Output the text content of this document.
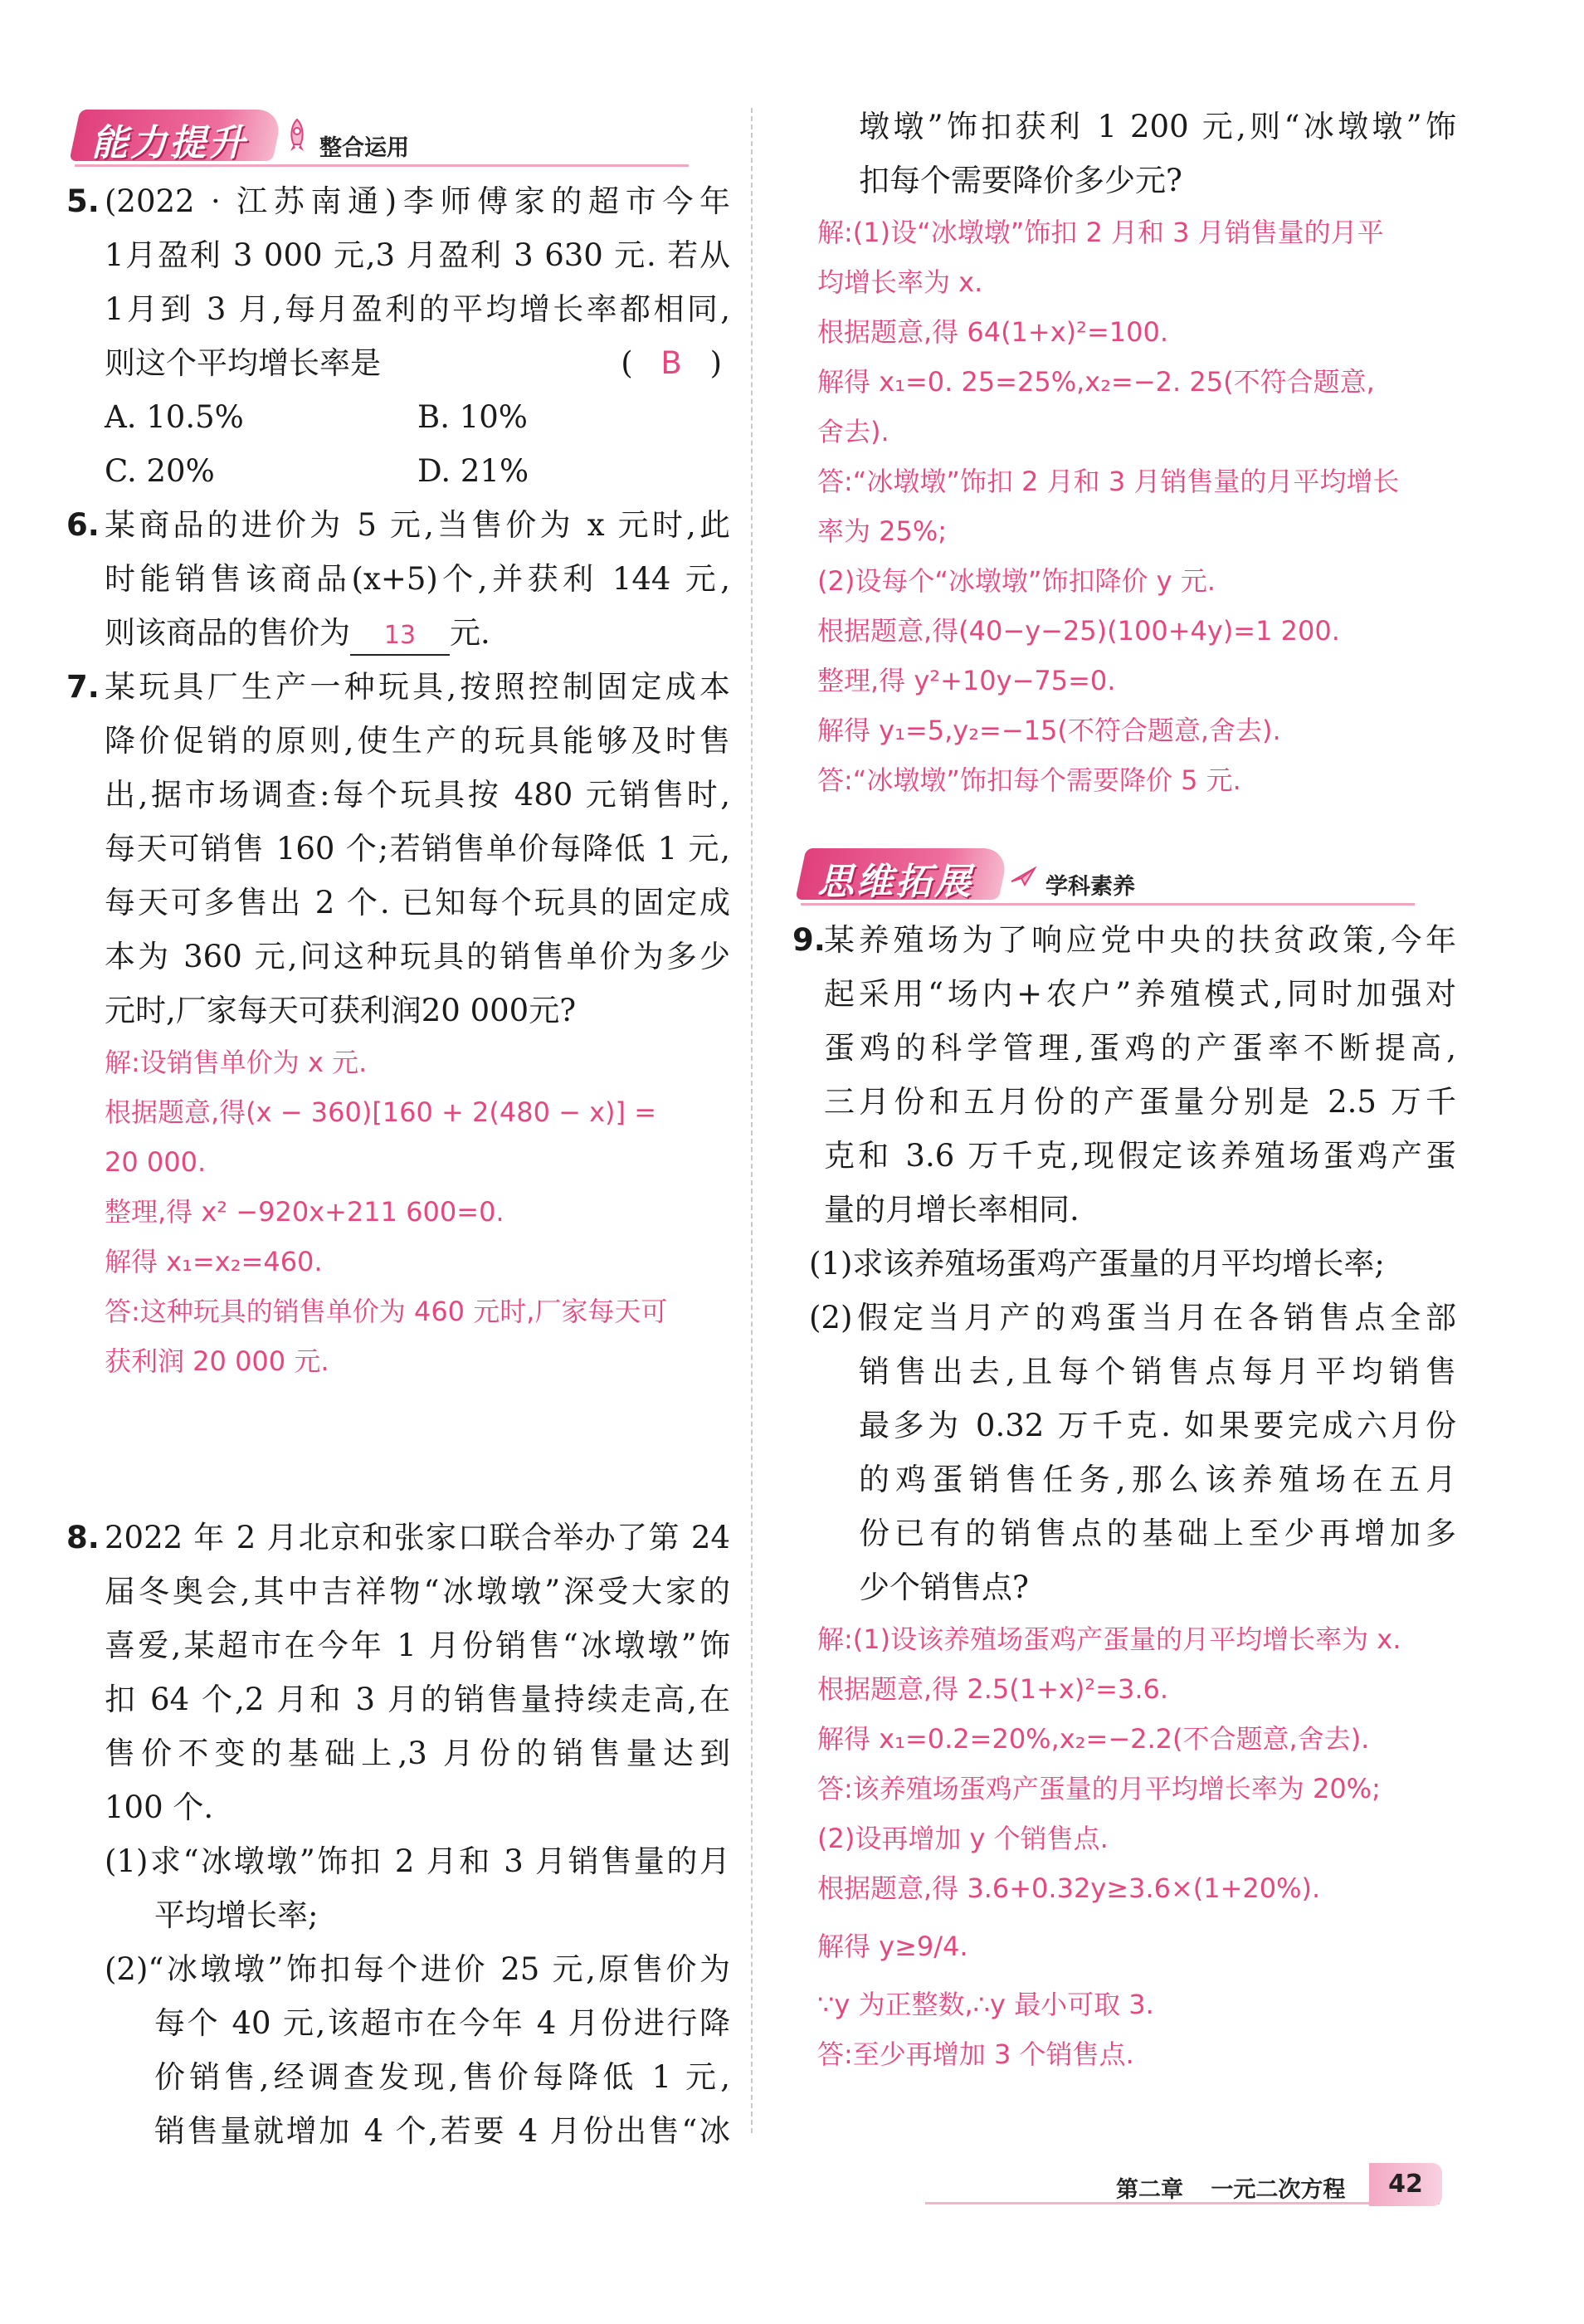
能力提升	整合运用
5. (2022 · 江苏南通)李师傅家的超市今年
1月盈利 3 000 元,3 月盈利 3 630 元. 若从
1月到 3 月,每月盈利的平均增长率都相同,
则这个平均增长率是	( B )
A. 10.5%	B. 10%
C. 20%	D. 21%
6. 某商品的进价为 5 元,当售价为 x 元时,此
时能销售该商品(x+5)个,并获利 144 元,
则该商品的售价为 13 元.
7. 某玩具厂生产一种玩具,按照控制固定成本
降价促销的原则,使生产的玩具能够及时售
出,据市场调查:每个玩具按 480 元销售时,
每天可销售 160 个;若销售单价每降低 1 元,
每天可多售出 2 个. 已知每个玩具的固定成
本为 360 元,问这种玩具的销售单价为多少
元时,厂家每天可获利润20 000元?
解:设销售单价为 x 元.
根据题意,得(x − 360)[160 + 2(480 − x)] =
20 000.
整理,得 x² −920x+211 600=0.
解得 x₁=x₂=460.
答:这种玩具的销售单价为 460 元时,厂家每天可
获利润 20 000 元.
8. 2022 年 2 月北京和张家口联合举办了第 24
届冬奥会,其中吉祥物“冰墩墩”深受大家的
喜爱,某超市在今年 1 月份销售“冰墩墩”饰
扣 64 个,2 月和 3 月的销售量持续走高,在
售价不变的基础上,3 月份的销售量达到
100 个.
(1)求“冰墩墩”饰扣 2 月和 3 月销售量的月
平均增长率;
(2)“冰墩墩”饰扣每个进价 25 元,原售价为
每个 40 元,该超市在今年 4 月份进行降
价销售,经调查发现,售价每降低 1 元,
销售量就增加 4 个,若要 4 月份出售“冰
墩墩”饰扣获利 1 200 元,则“冰墩墩”饰
扣每个需要降价多少元?
解:(1)设“冰墩墩”饰扣 2 月和 3 月销售量的月平
均增长率为 x.
根据题意,得 64(1+x)²=100.
解得 x₁=0. 25=25%,x₂=−2. 25(不符合题意,
舍去).
答:“冰墩墩”饰扣 2 月和 3 月销售量的月平均增长
率为 25%;
(2)设每个“冰墩墩”饰扣降价 y 元.
根据题意,得(40−y−25)(100+4y)=1 200.
整理,得 y²+10y−75=0.
解得 y₁=5,y₂=−15(不符合题意,舍去).
答:“冰墩墩”饰扣每个需要降价 5 元.
思维拓展	学科素养
9.
某养殖场为了响应党中央的扶贫政策,今年
起采用“场内+农户”养殖模式,同时加强对
蛋鸡的科学管理,蛋鸡的产蛋率不断提高,
三月份和五月份的产蛋量分别是 2.5 万千
克和 3.6 万千克,现假定该养殖场蛋鸡产蛋
量的月增长率相同.
(1)求该养殖场蛋鸡产蛋量的月平均增长率;
(2)假定当月产的鸡蛋当月在各销售点全部
销售出去,且每个销售点每月平均销售
最多为 0.32 万千克. 如果要完成六月份
的鸡蛋销售任务,那么该养殖场在五月
份已有的销售点的基础上至少再增加多
少个销售点?
解:(1)设该养殖场蛋鸡产蛋量的月平均增长率为 x.
根据题意,得 2.5(1+x)²=3.6.
解得 x₁=0.2=20%,x₂=−2.2(不合题意,舍去).
答:该养殖场蛋鸡产蛋量的月平均增长率为 20%;
(2)设再增加 y 个销售点.
根据题意,得 3.6+0.32y≥3.6×(1+20%).
解得 y≥9/4.
∵y 为正整数,∴y 最小可取 3.
答:至少再增加 3 个销售点.
第二章 一元二次方程	42
